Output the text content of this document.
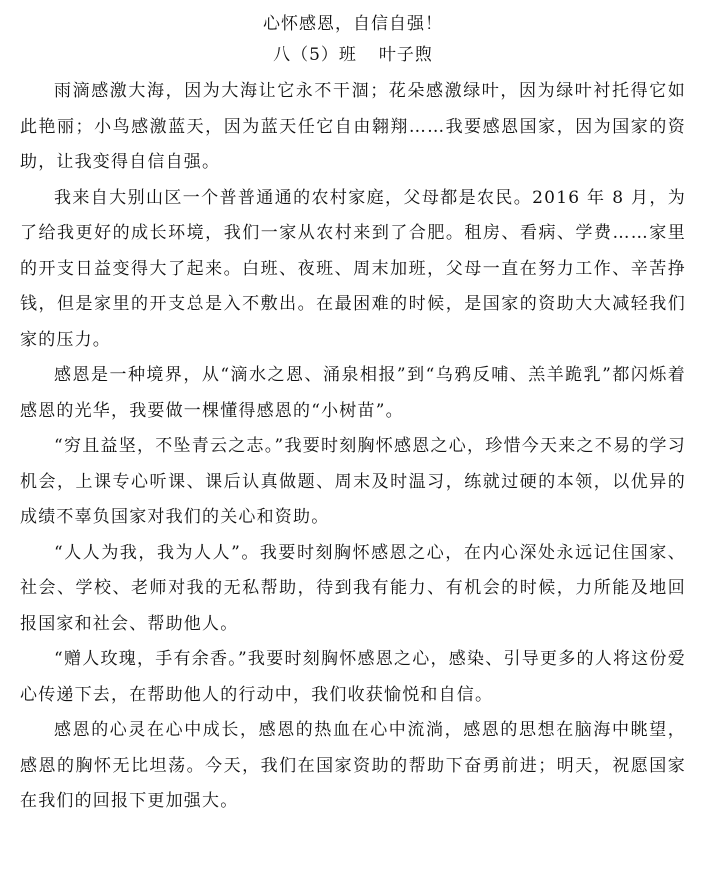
心怀感恩，自信自强！
八（5）班 叶子煦

雨滴感激大海，因为大海让它永不干涸；花朵感激绿叶，因为绿叶衬托得它如此艳丽；小鸟感激蓝天，因为蓝天任它自由翱翔……我要感恩国家，因为国家的资助，让我变得自信自强。

我来自大别山区一个普普通通的农村家庭，父母都是农民。2016 年 8 月，为了给我更好的成长环境，我们一家从农村来到了合肥。租房、看病、学费……家里的开支日益变得大了起来。白班、夜班、周末加班，父母一直在努力工作、辛苦挣钱，但是家里的开支总是入不敷出。在最困难的时候，是国家的资助大大减轻我们家的压力。

感恩是一种境界，从“滴水之恩、涌泉相报”到“乌鸦反哺、羔羊跪乳”都闪烁着感恩的光华，我要做一棵懂得感恩的“小树苗”。

“穷且益坚，不坠青云之志。”我要时刻胸怀感恩之心，珍惜今天来之不易的学习机会，上课专心听课、课后认真做题、周末及时温习，练就过硬的本领，以优异的成绩不辜负国家对我们的关心和资助。

“人人为我，我为人人”。我要时刻胸怀感恩之心，在内心深处永远记住国家、社会、学校、老师对我的无私帮助，待到我有能力、有机会的时候，力所能及地回报国家和社会、帮助他人。

“赠人玫瑰，手有余香。”我要时刻胸怀感恩之心，感染、引导更多的人将这份爱心传递下去，在帮助他人的行动中，我们收获愉悦和自信。

感恩的心灵在心中成长，感恩的热血在心中流淌，感恩的思想在脑海中眺望，感恩的胸怀无比坦荡。今天，我们在国家资助的帮助下奋勇前进；明天，祝愿国家在我们的回报下更加强大。
